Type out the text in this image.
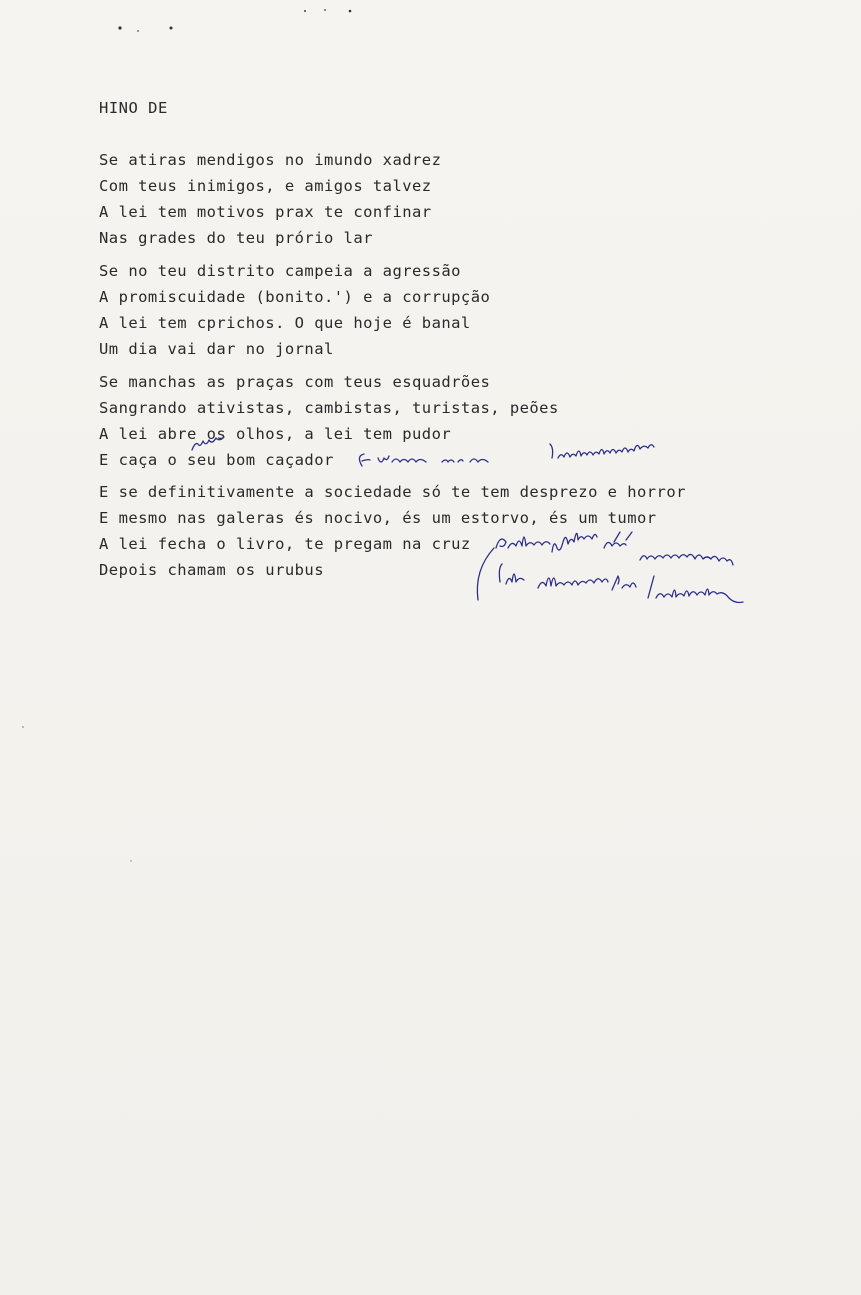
HINO DE
Se atiras mendigos no imundo xadrez
Com teus inimigos, e amigos talvez
A lei tem motivos prax te confinar
Nas grades do teu prório lar
Se no teu distrito campeia a agressão
A promiscuidade (bonito.') e a corrupção
A lei tem cprichos. O que hoje é banal
Um dia vai dar no jornal
Se manchas as praças com teus esquadrões
Sangrando ativistas, cambistas, turistas, peões
A lei abre os olhos, a lei tem pudor
E caça o seu bom caçador
E se definitivamente a sociedade só te tem desprezo e horror
E mesmo nas galeras és nocivo, és um estorvo, és um tumor
A lei fecha o livro, te pregam na cruz
Depois chamam os urubus
